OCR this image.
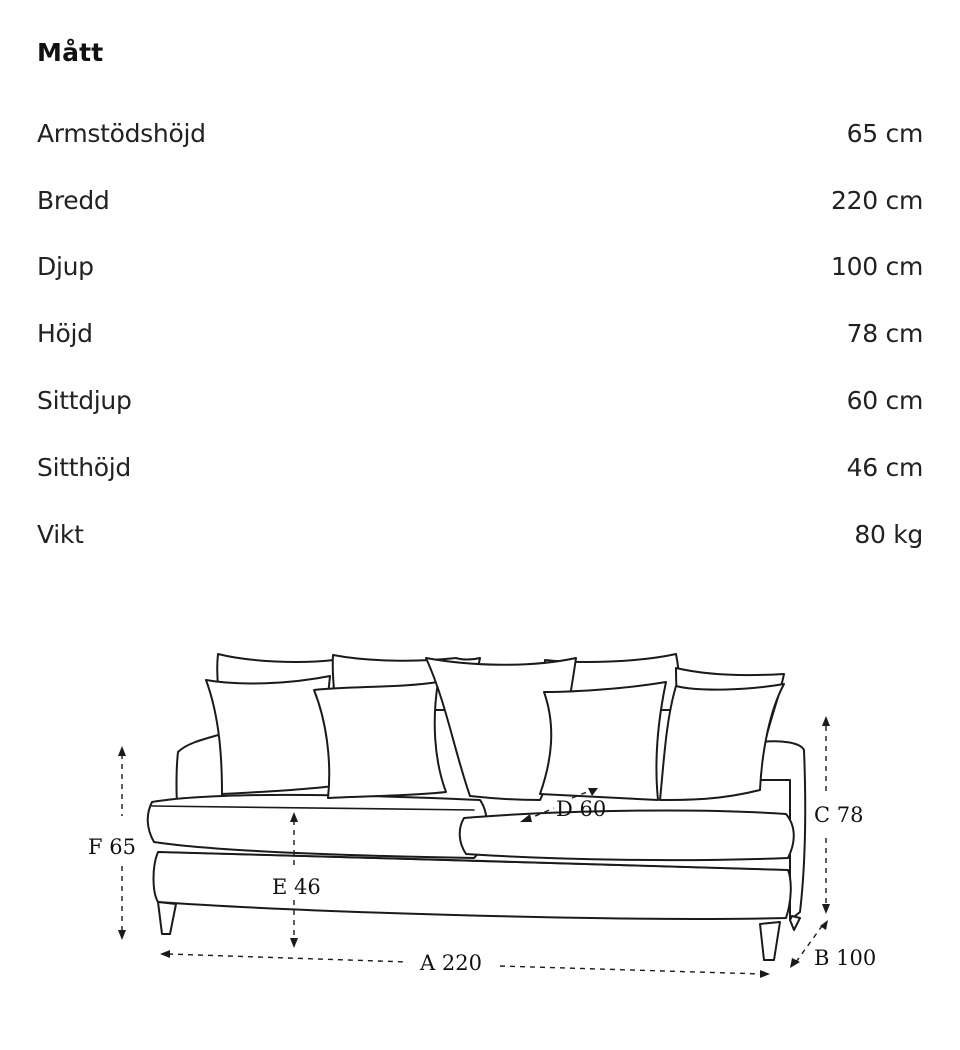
Mått
Armstödshöjd	65 cm
Bredd	220 cm
Djup	100 cm
Höjd	78 cm
Sittdjup	60 cm
Sitthöjd	46 cm
Vikt	80 kg
F 65
E 46
D 60	C 78
B 100
A 220
